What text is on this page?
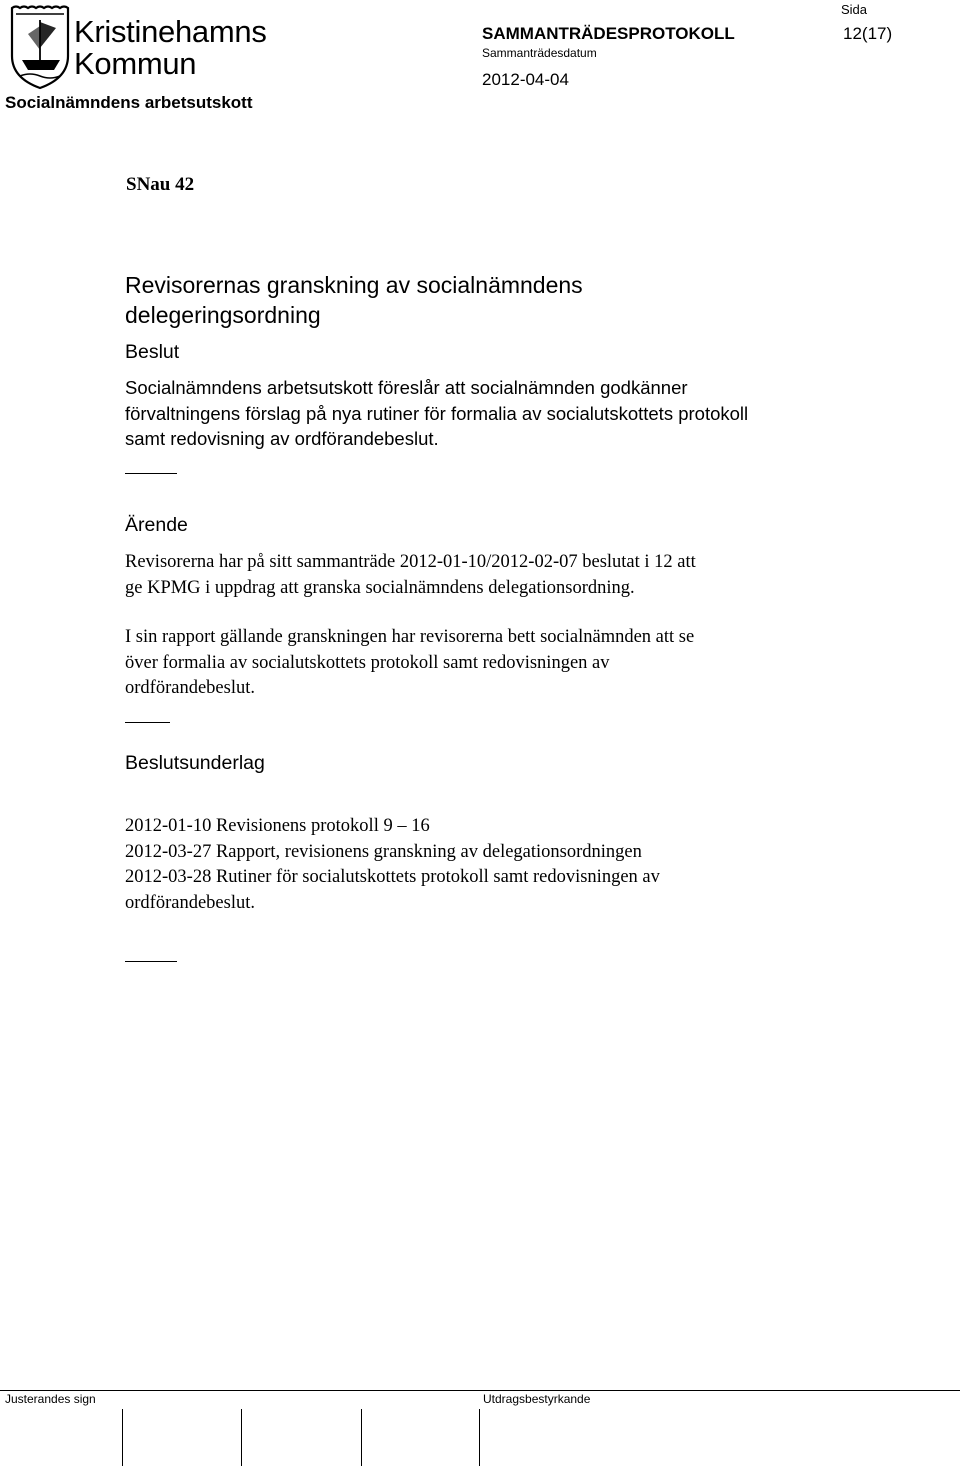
Kristinehamns
Kommun
Socialnämndens arbetsutskott
SAMMANTRÄDESPROTOKOLL
Sammanträdesdatum
2012-04-04
Sida
12(17)
SNau 42
Revisorernas granskning av socialnämndens
delegeringsordning
Beslut
Socialnämndens arbetsutskott föreslår att socialnämnden godkänner
förvaltningens förslag på nya rutiner för formalia av socialutskottets protokoll
samt redovisning av ordförandebeslut.
Ärende
Revisorerna har på sitt sammanträde 2012-01-10/2012-02-07 beslutat i 12 att
ge KPMG i uppdrag att granska socialnämndens delegationsordning.
I sin rapport gällande granskningen har revisorerna bett socialnämnden att se
över formalia av socialutskottets protokoll samt redovisningen av
ordförandebeslut.
Beslutsunderlag
2012-01-10 Revisionens protokoll 9 – 16
2012-03-27 Rapport, revisionens granskning av delegationsordningen
2012-03-28 Rutiner för socialutskottets protokoll samt redovisningen av
ordförandebeslut.
Justerandes sign	Utdragsbestyrkande
